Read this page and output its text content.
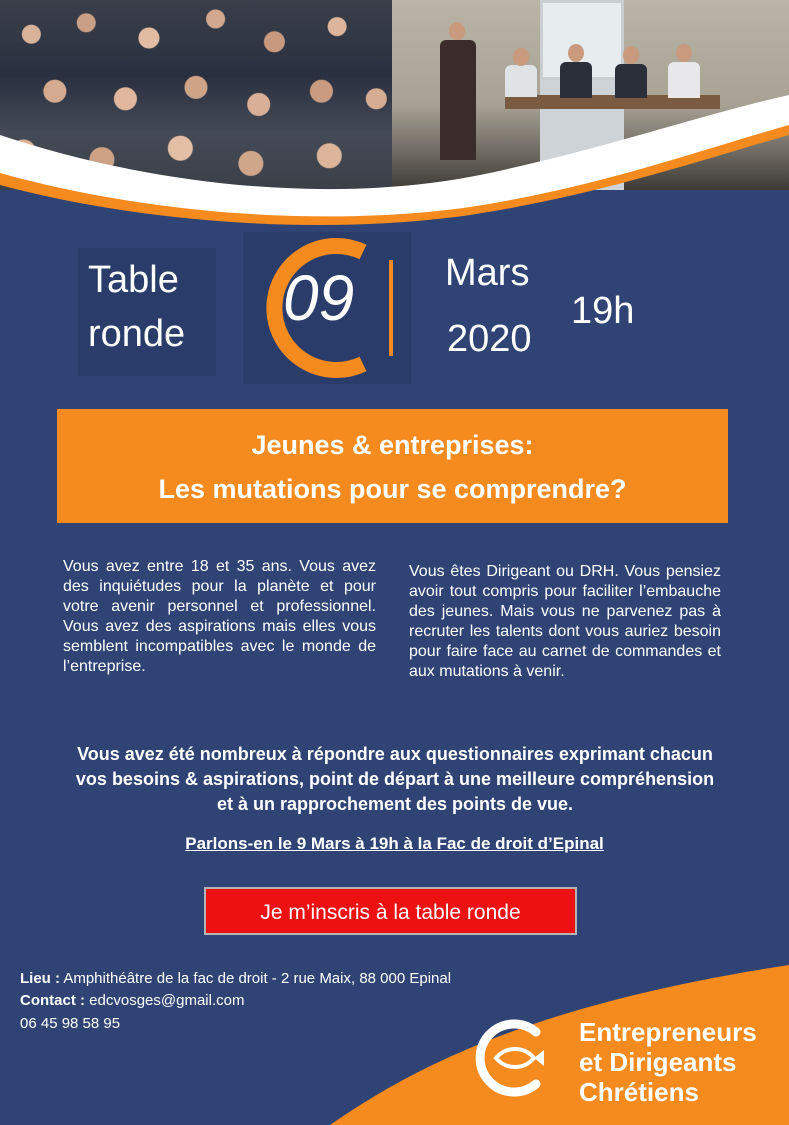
Table
ronde 09 Mars
2020
19h
Jeunes & entreprises:
Les mutations pour se comprendre?
Vous avez entre 18 et 35 ans. Vous avez des inquiétudes pour la planète et pour votre avenir personnel et professionnel. Vous avez des aspirations mais elles vous semblent incompatibles avec le monde de l’entreprise.
Vous êtes Dirigeant ou DRH. Vous pensiez avoir tout compris pour faciliter l’embauche des jeunes. Mais vous ne parvenez pas à recruter les talents dont vous auriez besoin pour faire face au carnet de commandes et aux mutations à venir.
Vous avez été nombreux à répondre aux questionnaires exprimant chacun vos besoins & aspirations, point de départ à une meilleure compréhension et à un rapprochement des points de vue.
Parlons-en le 9 Mars à 19h à la Fac de droit d’Epinal
Je m’inscris à la table ronde
Lieu : Amphithéâtre de la fac de droit - 2 rue Maix, 88 000 Epinal
Contact : edcvosges@gmail.com
06 45 98 58 95	Entrepreneurs
et Dirigeants
Chrétiens
